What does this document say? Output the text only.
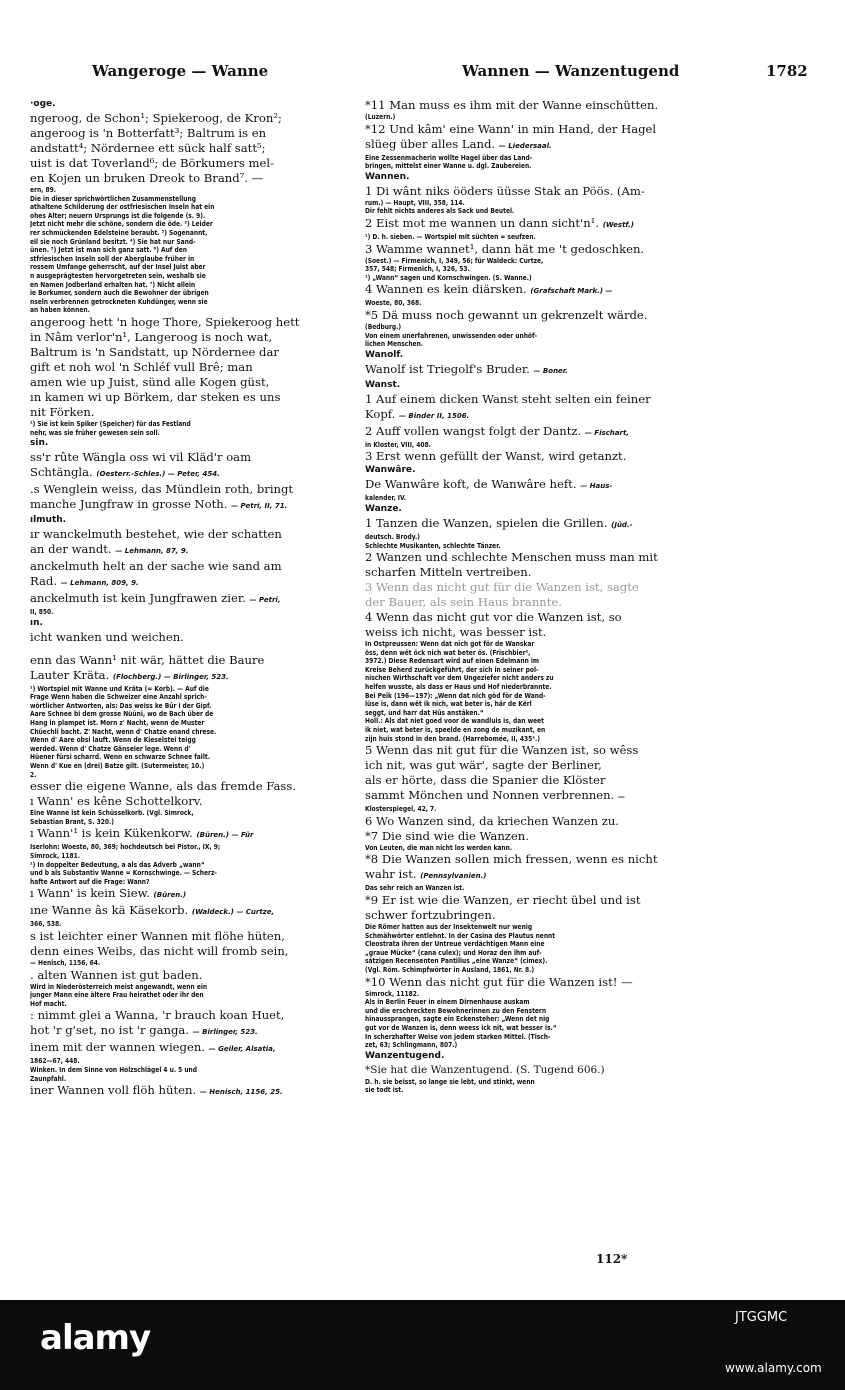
Wangeroge — Wanne	Wannen — Wanzentugend	1782
·oge.
ngeroog, de Schon¹; Spiekeroog, de Kron²;
angeroog is 'n Botterfatt³; Baltrum is en
andstatt⁴; Nördernee ett sück half satt⁵;
uist is dat Toverland⁶; de Börkumers mel-
en Kojen un bruken Dreok to Brand⁷. —
ern, 89.
Die in dieser sprichwörtlichen Zusammenstellung
athaltene Schilderung der ostfriesischen Inseln hat ein
ohes Alter; neuern Ursprungs ist die folgende (s. 9).
Jetzt nicht mehr die schöne, sondern die öde. ²) Leider
rer schmückenden Edelsteine beraubt. ³) Sogenannt,
eil sie noch Grünland besitzt. ⁴) Sie hat nur Sand-
ünen. ⁵) Jetzt ist man sich ganz satt. ⁶) Auf den
stfriesischen Inseln soll der Aberglaube früher in
rossem Umfange geherrscht, auf der Insel Juist aber
n ausgeprägtesten hervorgetreten sein, weshalb sie
en Namen Jodberland erhalten hat. ⁷) Nicht allein
ie Borkumer, sondern auch die Bewohner der übrigen
nseln verbrennen getrockneten Kuhdünger, wenn sie
an haben können.
angeroog hett 'n hoge Thore, Spiekeroog hett
in Nâm verlor'n¹, Langeroog is noch wat,
Baltrum is 'n Sandstatt, up Nördernee dar
gift et noh wol 'n Schléf vull Brê; man
amen wie up Juist, sünd alle Kogen güst,
ın kamen wi up Börkem, dar steken es uns
nit Förken.
¹) Sie ist kein Spiker (Speicher) für das Festland
nehr, was sie früher gewesen sein soll.
sin.
ss'r rûte Wängla oss wi vil Kläd'r oam
Schtängla. (Oesterr.-Schles.) — Peter, 454.
.s Wenglein weiss, das Mündlein roth, bringt
manche Jungfraw in grosse Noth. — Petri, II, 71.
ılmuth.
ır wanckelmuth bestehet, wie der schatten
an der wandt. — Lehmann, 87, 9.
anckelmuth helt an der sache wie sand am
Rad. — Lehmann, 809, 9.
anckelmuth ist kein Jungfrawen zier. — Petri,
II, 850.
ın.
icht wanken und weichen.
enn das Wann¹ nit wär, hättet die Baure
Lauter Kräta. (Flochberg.) — Birlinger, 523.
¹) Wortspiel mit Wanne und Kräta (= Korb). — Auf die
Frage Wenn haben die Schweizer eine Anzahl sprich-
wörtlicher Antworten, als: Das weiss ke Bûr i der Gipf.
Aare Schnee bi dem grosse Nüüni, wo de Bach über de
Hang in plampet ist. Morn z' Nacht, wenn de Muster
Chüechli bacht. Z' Nacht, wenn d' Chatze enand chrese.
Wenn d' Aare obsi lauft. Wenn de Kieselstei teigg
werded. Wenn d' Chatze Gänseier lege. Wenn d'
Hüener fürsi scharrd. Wenn en schwarze Schnee fallt.
Wenn d' Kue en (drei) Batze gilt. (Sutermeister, 10.)
2.
esser die eigene Wanne, als das fremde Fass.
ı Wann' es kêne Schottelkorv.
Eine Wanne ist kein Schüsselkorb. (Vgl. Simrock,
Sebastian Brant, S. 320.)
ı Wann'¹ is kein Kükenkorw. (Büren.) — Für
Iserlohn: Woeste, 80, 369; hochdeutsch bei Pistor., IX, 9;
Simrock, 1181.
¹) In doppelter Bedeutung, a als das Adverb „wann“
und b als Substantiv Wanne = Kornschwinge. — Scherz-
hafte Antwort auf die Frage: Wann?
ı Wann' is kein Siew. (Büren.)
ıne Wanne âs kä Käsekorb. (Waldeck.) — Curtze,
366, 538.
s ist leichter einer Wannen mit flöhe hüten,
denn eines Weibs, das nicht will fromb sein,
— Henisch, 1156, 64.
. alten Wannen ist gut baden.
Wird in Niederösterreich meist angewandt, wenn ein
junger Mann eine ältere Frau heirathet oder ihr den
Hof macht.
: nimmt glei a Wanna, 'r brauch koan Huet,
hot 'r g'set, no ist 'r ganga. — Birlinger, 523.
inem mit der wannen wiegen. — Geiler, Alsatia,
1862—67, 448.
Winken. In dem Sinne von Holzschlägel 4 u. 5 und
Zaunpfahl.
iner Wannen voll flöh hüten. — Henisch, 1156, 25.
*11 Man muss es ihm mit der Wanne einschütten.
(Luzern.)
*12 Und kâm' eine Wann' in min Hand, der Hagel
slüeg über alles Land. — Liedersaal.
Eine Zessenmacherin wollte Hagel über das Land-
bringen, mittelst einer Wanne u. dgl. Zaubereien.
Wannen.
1 Di wânt niks ööders üüsse Stak an Pöös. (Am-
rum.) — Haupt, VIII, 358, 114.
Dir fehlt nichts anderes als Sack und Beutel.
2 Eist mot me wannen un dann sicht'n¹. (Westf.)
¹) D. h. sieben. — Wortspiel mit süchten = seufzen.
3 Wamme wannet¹, dann hät me 't gedoschken.
(Soest.) — Firmenich, I, 349, 56; für Waldeck: Curtze,
357, 548; Firmenich, I, 326, 53.
¹) „Wann“ sagen und Kornschwingen. (S. Wanne.)
4 Wannen es kein diärsken. (Grafschaft Mark.) —
Woeste, 80, 368.
*5 Dä muss noch gewannt un gekrenzelt wärde.
(Bedburg.)
Von einem unerfahrenen, unwissenden oder unhöf-
lichen Menschen.
Wanolf.
Wanolf ist Triegolf's Bruder. — Boner.
Wanst.
1 Auf einem dicken Wanst steht selten ein feiner
Kopf. — Binder II, 1506.
2 Auff vollen wangst folgt der Dantz. — Fischart,
in Kloster, VIII, 408.
3 Erst wenn gefüllt der Wanst, wird getanzt.
Wanwâre.
De Wanwâre koft, de Wanwâre heft. — Haus-
kalender, IV.
Wanze.
1 Tanzen die Wanzen, spielen die Grillen. (Jüd.-
deutsch. Brody.)
Schlechte Musikanten, schlechte Tänzer.
2 Wanzen und schlechte Menschen muss man mit
scharfen Mitteln vertreiben.
3 Wenn das nicht gut für die Wanzen ist, sagte
der Bauer, als sein Haus brannte.
4 Wenn das nicht gut vor die Wanzen ist, so
weiss ich nicht, was besser ist.
In Ostpreussen: Wenn dat nich got för de Wanskar
öss, denn wêt öck nich wat beter ös. (Frischbier²,
3972.) Diese Redensart wird auf einen Edelmann im
Kreise Beherd zurückgeführt, der sich in seiner pol-
nischen Wirthschaft vor dem Ungeziefer nicht anders zu
helfen wusste, als dass er Haus und Hof niederbrannte.
Bei Peik (196—197): „Wenn dat nich göd för de Wand-
lüse is, dann wêt ik nich, wat beter is, hâr de Kërl
seggt, und harr dat Hûs anstâken.“
Holl.: Als dat niet goed voor de wandluis is, dan weet
ik niet, wat beter is, speelde en zong de muzikant, en
zijn huis stond in den brand. (Harrebomée, II, 435ᵃ.)
5 Wenn das nit gut für die Wanzen ist, so wêss
ich nit, was gut wär', sagte der Berliner,
als er hörte, dass die Spanier die Klöster
sammt Mönchen und Nonnen verbrennen. —
Klosterspiegel, 42, 7.
6 Wo Wanzen sind, da kriechen Wanzen zu.
*7 Die sind wie die Wanzen.
Von Leuten, die man nicht los werden kann.
*8 Die Wanzen sollen mich fressen, wenn es nicht
wahr ist. (Pennsylvanien.)
Das sehr reich an Wanzen ist.
*9 Er ist wie die Wanzen, er riecht übel und ist
schwer fortzubringen.
Die Römer hatten aus der Insektenwelt nur wenig
Schmähwörter entlehnt. In der Casina des Plautus nennt
Cleostrata ihren der Untreue verdächtigen Mann eine
„graue Mücke“ (cana culex); und Horaz den ihm auf-
sätzigen Recensenten Pantilius „eine Wanze“ (cimex).
(Vgl. Röm. Schimpfwörter in Ausland, 1861, Nr. 8.)
*10 Wenn das nicht gut für die Wanzen ist! —
Simrock, 11182.
Als in Berlin Feuer in einem Dirnenhause auskam
und die erschreckten Bewohnerinnen zu den Fenstern
hinaussprangen, sagte ein Eckensteher: „Wenn det nig
gut vor de Wanzen is, denn weess ick nit, wat besser is.“
In scherzhafter Weise von jedem starken Mittel. (Tisch-
zet, 63; Schlingmann, 807.)
Wanzentugend.
*Sie hat die Wanzentugend. (S. Tugend 606.)
D. h. sie beisst, so lange sie lebt, und stinkt, wenn
sie todt ist.
112*
alamy
JTGGMC
www.alamy.com
